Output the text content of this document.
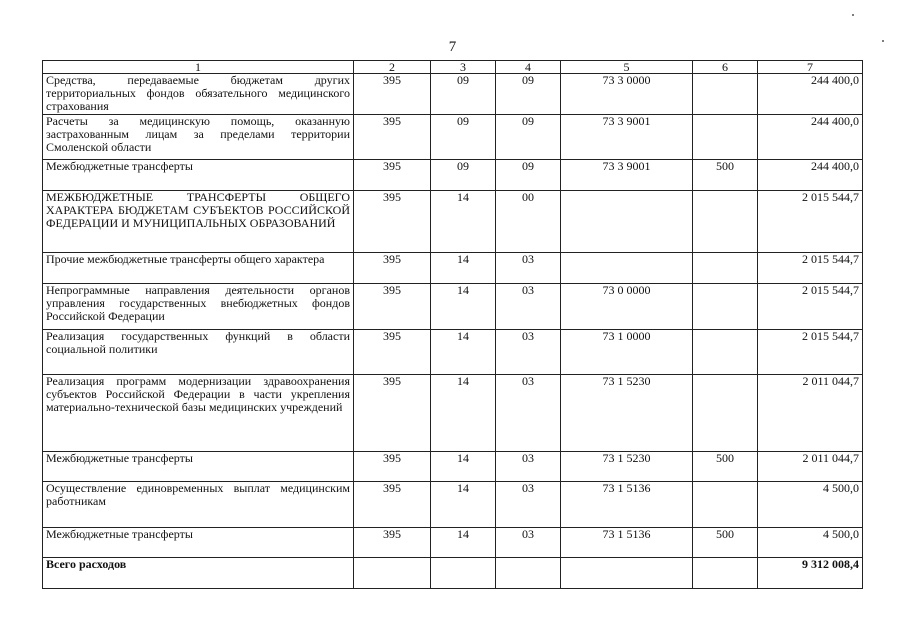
7
1	2	3	4	5	6	7
Средства, передаваемые бюджетам других территориальных фондов обязательного медицинского страхования	395	09	09	73 3 0000		244 400,0
Расчеты за медицинскую помощь, оказанную застрахованным лицам за пределами территории Смоленской области	395	09	09	73 3 9001		244 400,0
Межбюджетные трансферты	395	09	09	73 3 9001	500	244 400,0
МЕЖБЮДЖЕТНЫЕ ТРАНСФЕРТЫ ОБЩЕГО ХАРАКТЕРА БЮДЖЕТАМ СУБЪЕКТОВ РОССИЙСКОЙ ФЕДЕРАЦИИ И МУНИЦИПАЛЬНЫХ ОБРАЗОВАНИЙ	395	14	00			2 015 544,7
Прочие межбюджетные трансферты общего характера	395	14	03			2 015 544,7
Непрограммные направления деятельности органов управления государственных внебюджетных фондов Российской Федерации	395	14	03	73 0 0000		2 015 544,7
Реализация государственных функций в области социальной политики	395	14	03	73 1 0000		2 015 544,7
Реализация программ модернизации здравоохранения субъектов Российской Федерации в части укрепления материально-технической базы медицинских учреждений	395	14	03	73 1 5230		2 011 044,7
Межбюджетные трансферты	395	14	03	73 1 5230	500	2 011 044,7
Осуществление единовременных выплат медицинским работникам	395	14	03	73 1 5136		4 500,0
Межбюджетные трансферты	395	14	03	73 1 5136	500	4 500,0
Всего расходов						9 312 008,4
